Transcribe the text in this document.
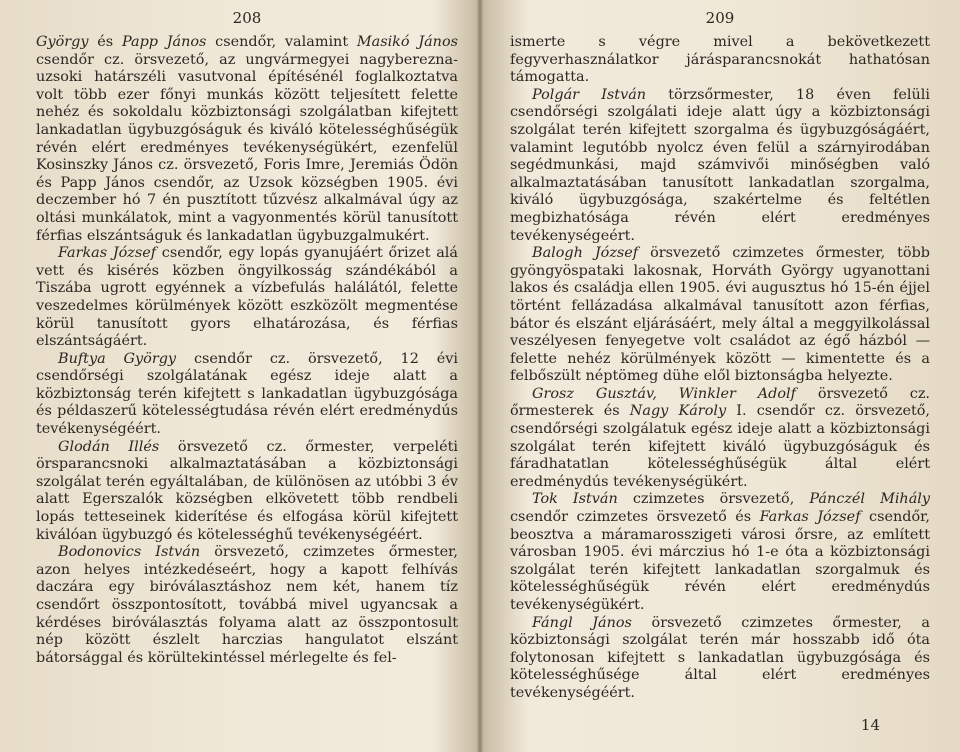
208

György és Papp János csendőr, valamint Masikó János csendőr cz. örsvezető, az ungvármegyei nagyberezna-uzsoki határszéli vasutvonal építésénél foglalkoztatva volt több ezer főnyi munkás között teljesített felette nehéz és sokoldalu közbiztonsági szolgálatban kifejtett lankadatlan ügybuzgóságuk és kiváló kötelességhűségük révén elért eredményes tevékenységükért, ezenfelül Kosinszky János cz. örsvezető, Foris Imre, Jeremiás Ödön és Papp János csendőr, az Uzsok községben 1905. évi deczember hó 7 én pusztított tűzvész alkalmával úgy az oltási munkálatok, mint a vagyonmentés körül tanusított férfias elszántságuk és lankadatlan ügybuzgalmukért.

Farkas József csendőr, egy lopás gyanujáért őrizet alá vett és kisérés közben öngyilkosság szándékából a Tiszába ugrott egyénnek a vízbefulás halálától, felette veszedelmes körülmények között eszközölt megmentése körül tanusított gyors elhatározása, és férfias elszántságáért.

Buftya György csendőr cz. örsvezető, 12 évi csendőrségi szolgálatának egész ideje alatt a közbiztonság terén kifejtett s lankadatlan ügybuzgósága és példaszerű kötelességtudása révén elért eredménydús tevékenységéért.

Glodán Illés örsvezető cz. őrmester, verpeléti örsparancsnoki alkalmaztatásában a közbiztonsági szolgálat terén egyáltalában, de különösen az utóbbi 3 év alatt Egerszalók községben elkövetett több rendbeli lopás tetteseinek kiderítése és elfogása körül kifejtett kiválóan ügybuzgó és kötelességhű tevékenységéért.

Bodonovics István örsvezető, czimzetes őrmester, azon helyes intézkedéseért, hogy a kapott felhívás daczára egy biróválasztáshoz nem két, hanem tíz csendőrt összpontosított, továbbá mivel ugyancsak a kérdéses biróválasztás folyama alatt az összpontosult nép között észlelt harczias hangulatot elszánt bátorsággal és körültekintéssel mérlegelte és fel-

209

ismerte s végre mivel a bekövetkezett fegyverhasználatkor járásparancsnokát hathatósan támogatta.

Polgár István törzsőrmester, 18 éven felüli csendőrségi szolgálati ideje alatt úgy a közbiztonsági szolgálat terén kifejtett szorgalma és ügybuzgóságáért, valamint legutóbb nyolcz éven felül a szárnyirodában segédmunkási, majd számvivői minőségben való alkalmaztatásában tanusított lankadatlan szorgalma, kiváló ügybuzgósága, szakértelme és feltétlen megbizhatósága révén elért eredményes tevékenységeért.

Balogh József örsvezető czimzetes őrmester, több gyöngyöspataki lakosnak, Horváth György ugyanottani lakos és családja ellen 1905. évi augusztus hó 15-én éjjel történt fellázadása alkalmával tanusított azon férfias, bátor és elszánt eljárásáért, mely által a meggyilkolással veszélyesen fenyegetve volt családot az égő házból — felette nehéz körülmények között — kimentette és a felbőszült néptömeg dühe elől biztonságba helyezte.

Grosz Gusztáv, Winkler Adolf örsvezető cz. őrmesterek és Nagy Károly I. csendőr cz. örsvezető, csendőrségi szolgálatuk egész ideje alatt a közbiztonsági szolgálat terén kifejtett kiváló ügybuzgóságuk és fáradhatatlan kötelességhűségük által elért eredménydús tevékenységükért.

Tok István czimzetes örsvezető, Pánczél Mihály csendőr czimzetes örsvezető és Farkas József csendőr, beosztva a máramarosszigeti városi őrsre, az említett városban 1905. évi márczius hó 1-e óta a közbiztonsági szolgálat terén kifejtett lankadatlan szorgalmuk és kötelességhűségük révén elért eredménydús tevékenységükért.

Fángl János örsvezető czimzetes őrmester, a közbiztonsági szolgálat terén már hosszabb idő óta folytonosan kifejtett s lankadatlan ügybuzgósága és kötelességhűsége által elért eredményes tevékenységéért.

14
